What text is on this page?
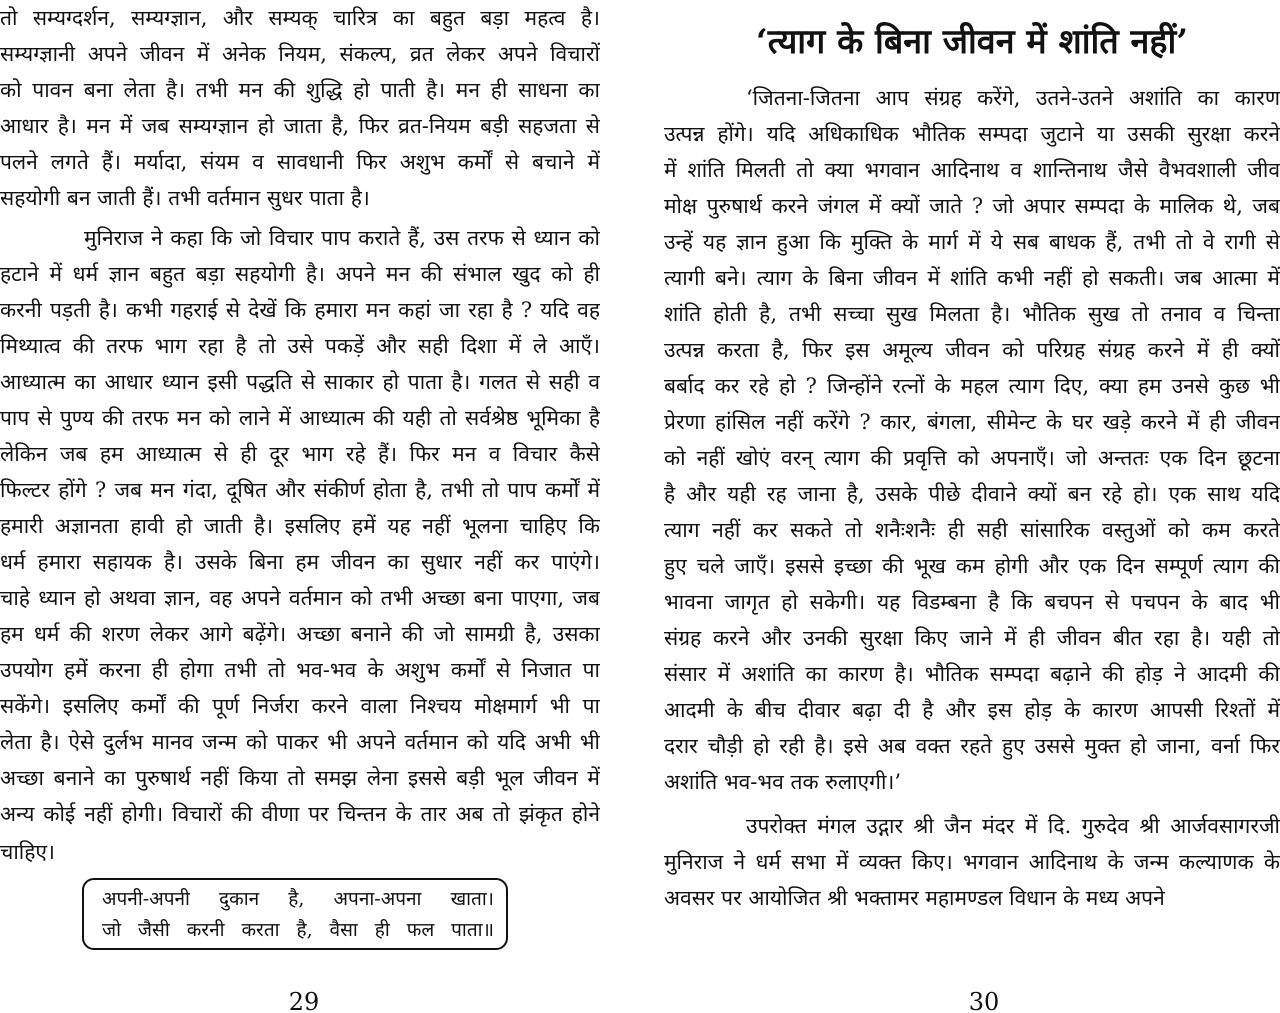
तो सम्यग्दर्शन, सम्यग्ज्ञान, और सम्यक् चारित्र का बहुत बड़ा महत्व है।
सम्यग्ज्ञानी अपने जीवन में अनेक नियम, संकल्प, व्रत लेकर अपने विचारों
को पावन बना लेता है। तभी मन की शुद्धि हो पाती है। मन ही साधना का
आधार है। मन में जब सम्यग्ज्ञान हो जाता है, फिर व्रत-नियम बड़ी सहजता से
पलने लगते हैं। मर्यादा, संयम व सावधानी फिर अशुभ कर्मों से बचाने में
सहयोगी बन जाती हैं। तभी वर्तमान सुधर पाता है।
मुनिराज ने कहा कि जो विचार पाप कराते हैं, उस तरफ से ध्यान को
हटाने में धर्म ज्ञान बहुत बड़ा सहयोगी है। अपने मन की संभाल खुद को ही
करनी पड़ती है। कभी गहराई से देखें कि हमारा मन कहां जा रहा है ? यदि वह
मिथ्यात्व की तरफ भाग रहा है तो उसे पकड़ें और सही दिशा में ले आएँ।
आध्यात्म का आधार ध्यान इसी पद्धति से साकार हो पाता है। गलत से सही व
पाप से पुण्य की तरफ मन को लाने में आध्यात्म की यही तो सर्वश्रेष्ठ भूमिका है
लेकिन जब हम आध्यात्म से ही दूर भाग रहे हैं। फिर मन व विचार कैसे
फिल्टर होंगे ? जब मन गंदा, दूषित और संकीर्ण होता है, तभी तो पाप कर्मों में
हमारी अज्ञानता हावी हो जाती है। इसलिए हमें यह नहीं भूलना चाहिए कि
धर्म हमारा सहायक है। उसके बिना हम जीवन का सुधार नहीं कर पाएंगे।
चाहे ध्यान हो अथवा ज्ञान, वह अपने वर्तमान को तभी अच्छा बना पाएगा, जब
हम धर्म की शरण लेकर आगे बढ़ेंगे। अच्छा बनाने की जो सामग्री है, उसका
उपयोग हमें करना ही होगा तभी तो भव-भव के अशुभ कर्मों से निजात पा
सकेंगे। इसलिए कर्मों की पूर्ण निर्जरा करने वाला निश्चय मोक्षमार्ग भी पा
लेता है। ऐसे दुर्लभ मानव जन्म को पाकर भी अपने वर्तमान को यदि अभी भी
अच्छा बनाने का पुरुषार्थ नहीं किया तो समझ लेना इससे बड़ी भूल जीवन में
अन्य कोई नहीं होगी। विचारों की वीणा पर चिन्तन के तार अब तो झंकृत होने
चाहिए।
अपनी-अपनी दुकान है, अपना-अपना खाता।
जो जैसी करनी करता है, वैसा ही फल पाता॥
29
‘त्याग के बिना जीवन में शांति नहीं’
‘जितना-जितना आप संग्रह करेंगे, उतने-उतने अशांति का कारण
उत्पन्न होंगे। यदि अधिकाधिक भौतिक सम्पदा जुटाने या उसकी सुरक्षा करने
में शांति मिलती तो क्या भगवान आदिनाथ व शान्तिनाथ जैसे वैभवशाली जीव
मोक्ष पुरुषार्थ करने जंगल में क्यों जाते ? जो अपार सम्पदा के मालिक थे, जब
उन्हें यह ज्ञान हुआ कि मुक्ति के मार्ग में ये सब बाधक हैं, तभी तो वे रागी से
त्यागी बने। त्याग के बिना जीवन में शांति कभी नहीं हो सकती। जब आत्मा में
शांति होती है, तभी सच्चा सुख मिलता है। भौतिक सुख तो तनाव व चिन्ता
उत्पन्न करता है, फिर इस अमूल्य जीवन को परिग्रह संग्रह करने में ही क्यों
बर्बाद कर रहे हो ? जिन्होंने रत्नों के महल त्याग दिए, क्या हम उनसे कुछ भी
प्रेरणा हांसिल नहीं करेंगे ? कार, बंगला, सीमेन्ट के घर खड़े करने में ही जीवन
को नहीं खोएं वरन् त्याग की प्रवृत्ति को अपनाएँ। जो अन्ततः एक दिन छूटना
है और यही रह जाना है, उसके पीछे दीवाने क्यों बन रहे हो। एक साथ यदि
त्याग नहीं कर सकते तो शनैःशनैः ही सही सांसारिक वस्तुओं को कम करते
हुए चले जाएँ। इससे इच्छा की भूख कम होगी और एक दिन सम्पूर्ण त्याग की
भावना जागृत हो सकेगी। यह विडम्बना है कि बचपन से पचपन के बाद भी
संग्रह करने और उनकी सुरक्षा किए जाने में ही जीवन बीत रहा है। यही तो
संसार में अशांति का कारण है। भौतिक सम्पदा बढ़ाने की होड़ ने आदमी की
आदमी के बीच दीवार बढ़ा दी है और इस होड़ के कारण आपसी रिश्तों में
दरार चौड़ी हो रही है। इसे अब वक्त रहते हुए उससे मुक्त हो जाना, वर्ना फिर
अशांति भव-भव तक रुलाएगी।’
उपरोक्त मंगल उद्गार श्री जैन मंदर में दि. गुरुदेव श्री आर्जवसागरजी
मुनिराज ने धर्म सभा में व्यक्त किए। भगवान आदिनाथ के जन्म कल्याणक के
अवसर पर आयोजित श्री भक्तामर महामण्डल विधान के मध्य अपने
30
